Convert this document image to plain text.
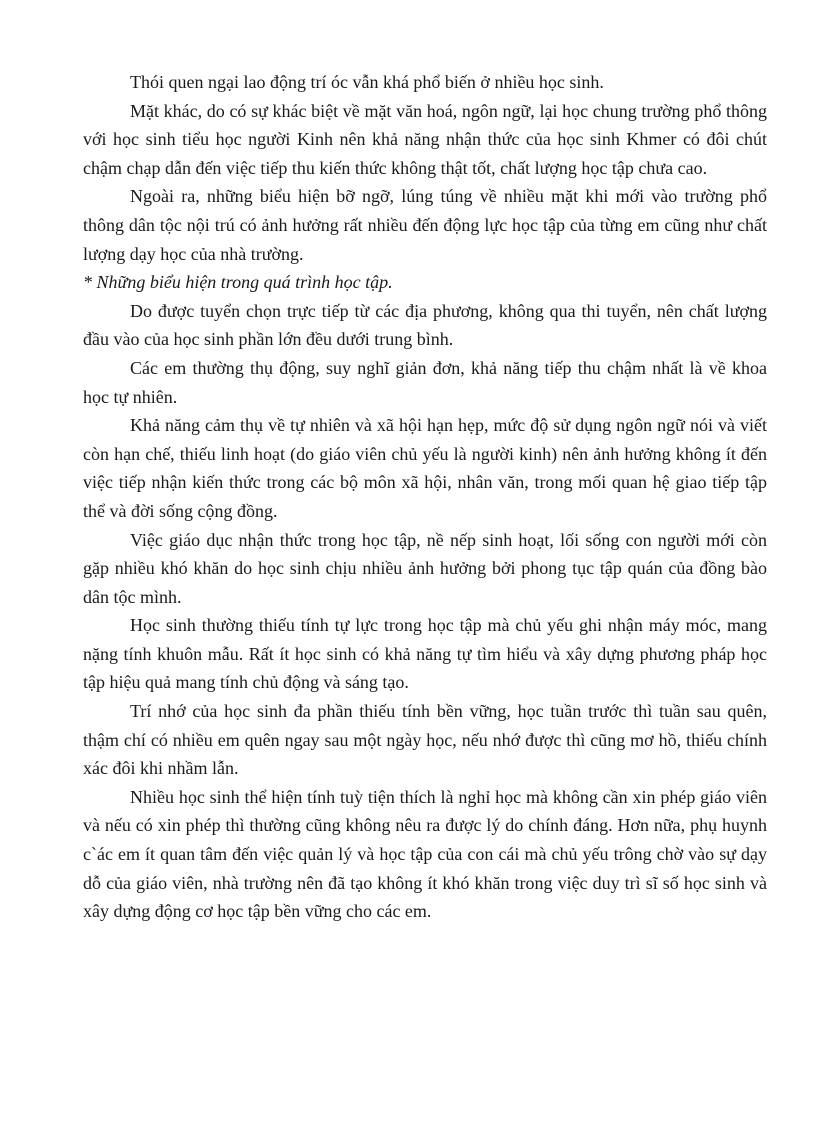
Thói quen ngại lao động trí óc vẫn khá phổ biến ở nhiều học sinh.

Mặt khác, do có sự khác biệt về mặt văn hoá, ngôn ngữ, lại học chung trường phổ thông với học sinh tiểu học người Kinh nên khả năng nhận thức của học sinh Khmer có đôi chút chậm chạp dẫn đến việc tiếp thu kiến thức không thật tốt, chất lượng học tập chưa cao.

Ngoài ra, những biểu hiện bỡ ngỡ, lúng túng về nhiều mặt khi mới vào trường phổ thông dân tộc nội trú có ảnh hưởng rất nhiều đến động lực học tập của từng em cũng như chất lượng dạy học của nhà trường.

* Những biểu hiện trong quá trình học tập.

Do được tuyển chọn trực tiếp từ các địa phương, không qua thi tuyển, nên chất lượng đầu vào của học sinh phần lớn đều dưới trung bình.

Các em thường thụ động, suy nghĩ giản đơn, khả năng tiếp thu chậm nhất là về khoa học tự nhiên.

Khả năng cảm thụ về tự nhiên và xã hội hạn hẹp, mức độ sử dụng ngôn ngữ nói và viết còn hạn chế, thiếu linh hoạt (do giáo viên chủ yếu là người kinh) nên ảnh hưởng không ít đến việc tiếp nhận kiến thức trong các bộ môn xã hội, nhân văn, trong mối quan hệ giao tiếp tập thể và đời sống cộng đồng.

Việc giáo dục nhận thức trong học tập, nề nếp sinh hoạt, lối sống con người mới còn gặp nhiều khó khăn do học sinh chịu nhiều ảnh hưởng bởi phong tục tập quán của đồng bào dân tộc mình.

Học sinh thường thiếu tính tự lực trong học tập mà chủ yếu ghi nhận máy móc, mang nặng tính khuôn mẫu. Rất ít học sinh có khả năng tự tìm hiểu và xây dựng phương pháp học tập hiệu quả mang tính chủ động và sáng tạo.

Trí nhớ của học sinh đa phần thiếu tính bền vững, học tuần trước thì tuần sau quên, thậm chí có nhiều em quên ngay sau một ngày học, nếu nhớ được thì cũng mơ hồ, thiếu chính xác đôi khi nhầm lẫn.

Nhiều học sinh thể hiện tính tuỳ tiện thích là nghỉ học mà không cần xin phép giáo viên và nếu có xin phép thì thường cũng không nêu ra được lý do chính đáng. Hơn nữa, phụ huynh c`ác em ít quan tâm đến việc quản lý và học tập của con cái mà chủ yếu trông chờ vào sự dạy dỗ của giáo viên, nhà trường nên đã tạo không ít khó khăn trong việc duy trì sĩ số học sinh và xây dựng động cơ học tập bền vững cho các em.
